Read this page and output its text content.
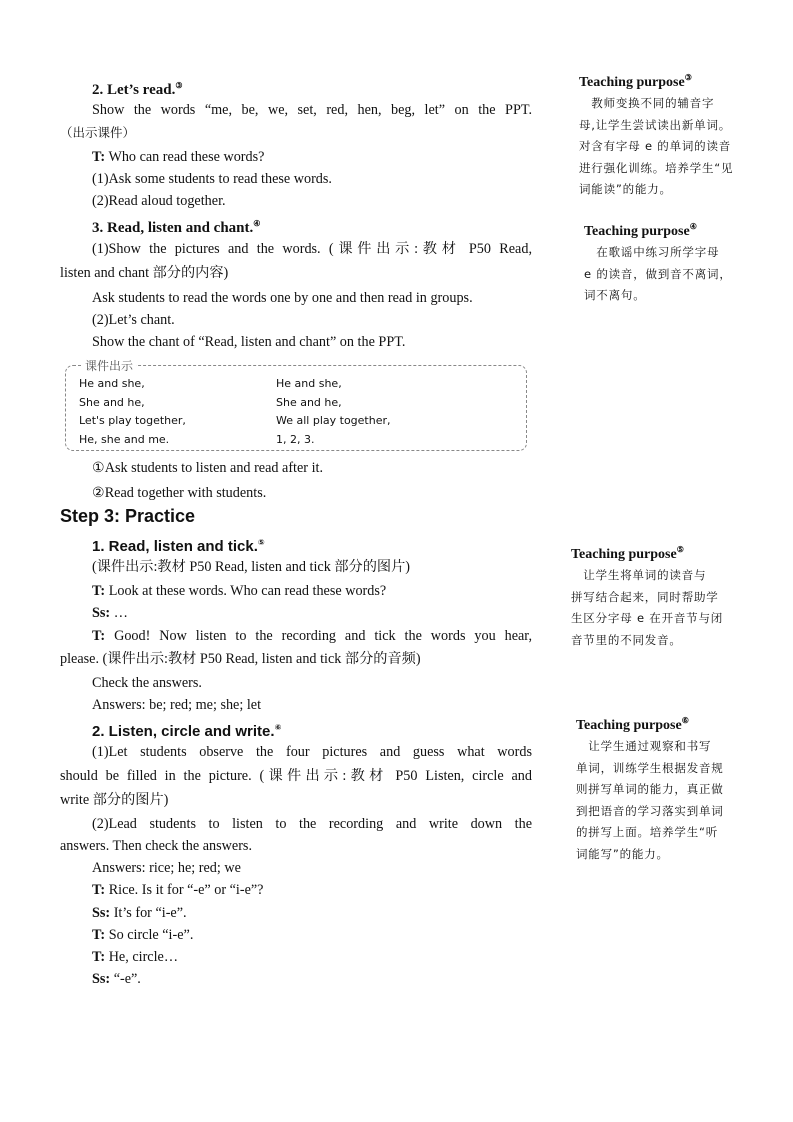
2. Let’s read.③
Show the words “me, be, we, set, red, hen, beg, let” on the PPT.
（出示课件）
T: Who can read these words?
(1)Ask some students to read these words.
(2)Read aloud together.
3. Read, listen and chant.④
(1)Show the pictures and the words. (课件出示:教材 P50 Read,
listen and chant 部分的内容)
Ask students to read the words one by one and then read in groups.
(2)Let’s chant.
Show the chant of “Read, listen and chant” on the PPT.
①Ask students to listen and read after it.
②Read together with students.
Step 3: Practice
1. Read, listen and tick.⑤
(课件出示:教材 P50 Read, listen and tick 部分的图片)
T: Look at these words. Who can read these words?
Ss: …
T: Good! Now listen to the recording and tick the words you hear,
please. (课件出示:教材 P50 Read, listen and tick 部分的音频)
Check the answers.
Answers: be; red; me; she; let
2. Listen, circle and write.⑥
(1)Let students observe the four pictures and guess what words
should be filled in the picture. (课件出示:教材 P50 Listen, circle and
write 部分的图片)
(2)Lead students to listen to the recording and write down the
answers. Then check the answers.
Answers: rice; he; red; we
T: Rice. Is it for “-e” or “i-e”?
Ss: It’s for “i-e”.
T: So circle “i-e”.
T: He, circle…
Ss: “-e”.
课件出示
He and she,
She and he,
Let's play together,
He, she and me.
He and she,
She and he,
We all play together,
1, 2, 3.
Teaching purpose③
　教师变换不同的辅音字
母,让学生尝试读出新单词。
对含有字母 e 的单词的读音
进行强化训练。培养学生“见
词能读”的能力。
Teaching purpose④
　在歌谣中练习所学字母
e 的读音，做到音不离词，
词不离句。
Teaching purpose⑤
　让学生将单词的读音与
拼写结合起来，同时帮助学
生区分字母 e 在开音节与闭
音节里的不同发音。
Teaching purpose⑥
　让学生通过观察和书写
单词，训练学生根据发音规
则拼写单词的能力，真正做
到把语音的学习落实到单词
的拼写上面。培养学生“听
词能写”的能力。
